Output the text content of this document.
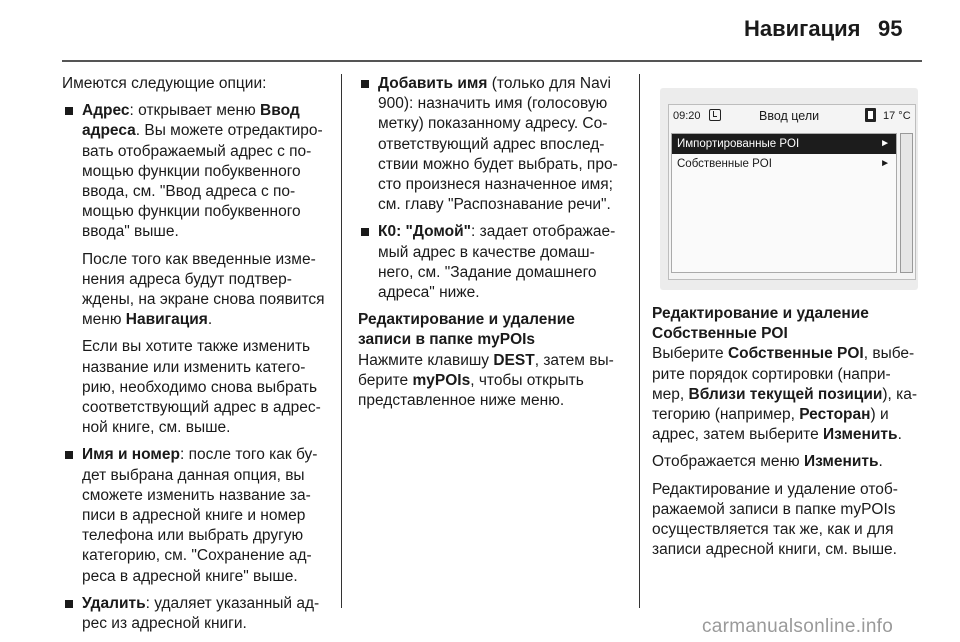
Навигация 95

Имеются следующие опции:

Адрес: открывает меню Ввод адреса. Вы можете отредактиро-вать отображаемый адрес с по-мощью функции побуквенного ввода, см. "Ввод адреса с по-мощью функции побуквенного ввода" выше.

После того как введенные изме-нения адреса будут подтвер-ждены, на экране снова появится меню Навигация.

Если вы хотите также изменить название или изменить катего-рию, необходимо снова выбрать соответствующий адрес в адрес-ной книге, см. выше.

Имя и номер: после того как бу-дет выбрана данная опция, вы сможете изменить название за-писи в адресной книге и номер телефона или выбрать другую категорию, см. "Сохранение ад-реса в адресной книге" выше.

Удалить: удаляет указанный ад-рес из адресной книги.

Добавить имя (только для Navi 900): назначить имя (голосовую метку) показанному адресу. Со-ответствующий адрес впослед-ствии можно будет выбрать, про-сто произнеся назначенное имя; см. главу "Распознавание речи".

К0: "Домой": задает отображае-мый адрес в качестве домаш-него, см. "Задание домашнего адреса" ниже.

Редактирование и удаление записи в папке myPOIs

Нажмите клавишу DEST, затем вы-берите myPOIs, чтобы открыть представленное ниже меню.

09:20	Ввод цели	17 °C
Импортированные POI	►
Собственные POI	►

Редактирование и удаление Собственные POI

Выберите Собственные POI, выбе-рите порядок сортировки (напри-мер, Вблизи текущей позиции), ка-тегорию (например, Ресторан) и адрес, затем выберите Изменить.

Отображается меню Изменить.

Редактирование и удаление отоб-ражаемой записи в папке myPOIs осуществляется так же, как и для записи адресной книги, см. выше.

carmanualsonline.info
